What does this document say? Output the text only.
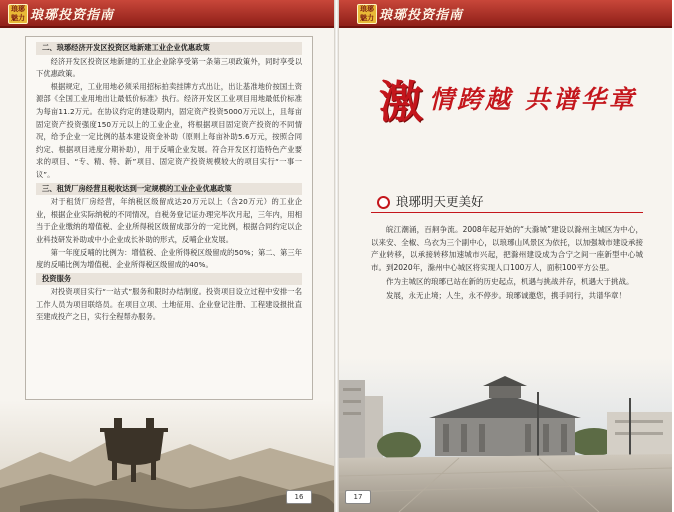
琅琊魅力 琅琊投资指南
二、琅琊经济开发区投资区地新建工业企业优惠政策

经济开发区投资区地新建的工业企业除享受第一条第三项政策外，同时享受以下优惠政策。

根据规定，工业用地必须采用招标拍卖挂牌方式出让，出让基准地价按国土资源部《全国工业用地出让最低价标准》执行。经济开发区工业项目用地最低价标准为每亩11.2万元。在协议约定的建设期内，固定资产投资5000万元以上，且每亩固定资产投资强度150万元以上的工业企业，将根据项目固定资产投资的不同情况，给予企业一定比例的基本建设资金补助（原则上每亩补助5.6万元，按照合同约定、根据项目进度分期补助），用于反哺企业发展。符合开发区打造特色产业要求的项目、“专、精、特、新”项目、固定资产投资规模较大的项目实行“一事一议”。

三、租赁厂房经营且税收达到一定规模的工业企业优惠政策

对于租赁厂房经营，年纳税区级留成达20万元以上（含20万元）的工业企业，根据企业实际纳税的不同情况，自税务登记证办理完毕次月起，三年内，用相当于企业缴纳的增值税、企业所得税区级留成部分的一定比例，根据合同约定以企业科技研发补助或中小企业成长补助的形式，反哺企业发展。

第一年度反哺的比例为：增值税、企业所得税区级留成的50%；第二、第三年度的反哺比例为增值税、企业所得税区级留成的40%。

投资服务

对投资项目实行“一站式”服务和限时办结制度。投资项目设立过程中安排一名工作人员为项目联络员。在项目立项、土地征用、企业登记注册、工程建设报批直至建成投产之日，实行全程帮办服务。

16
琅琊魅力 琅琊投资指南
激 情跨越 共谱华章
琅琊明天更美好

皖江潮涌，百舸争流。2008年起开始的“大滁城”建设以滁州主城区为中心，以来安、全椒、乌衣为三个副中心，以琅琊山风景区为依托，以加强城市建设承接产业转移，以承接转移加速城市兴起，把滁州建设成为合宁之间一座新型中心城市。到2020年，滁州中心城区将实现人口100万人，面积100平方公里。

作为主城区的琅琊已站在新的历史起点，机遇与挑战并存，机遇大于挑战。

发展，永无止境；人生，永不停步。琅琊诚邀您，携手同行，共谱华章！

17
